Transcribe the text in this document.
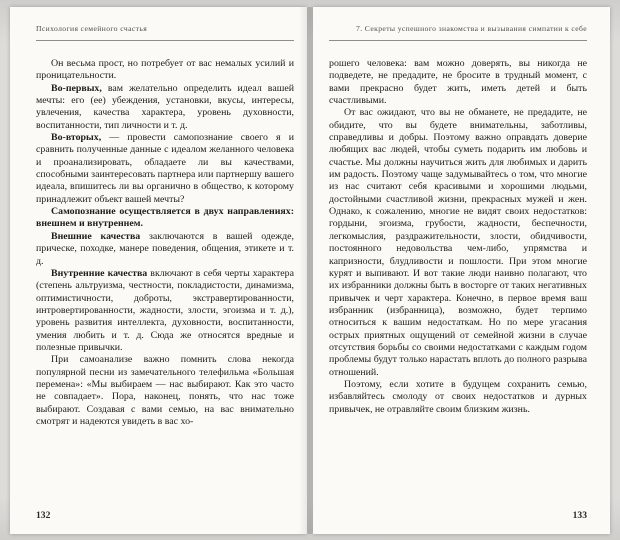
Психология семейного счастья

Он весьма прост, но потребует от вас немалых усилий и проницательности.

Во-первых, вам желательно определить идеал вашей мечты: его (ее) убеждения, установки, вкусы, интересы, увлечения, качества характера, уровень духовности, воспитанности, тип личности и т. д.

Во-вторых, — провести самопознание своего я и сравнить полученные данные с идеалом желанного человека и проанализировать, обладаете ли вы качествами, способными заинтересовать партнера или партнершу вашего идеала, впишитесь ли вы органично в общество, к которому принадлежит объект вашей мечты?

Самопознание осуществляется в двух направлениях: внешнем и внутреннем.

Внешние качества заключаются в вашей одежде, прическе, походке, манере поведения, общения, этикете и т. д.

Внутренние качества включают в себя черты характера (степень альтруизма, честности, покладистости, динамизма, оптимистичности, доброты, экстравертированности, интровертированности, жадности, злости, эгоизма и т. д.), уровень развития интеллекта, духовности, воспитанности, умения любить и т. д. Сюда же относятся вредные и полезные привычки.

При самоанализе важно помнить слова некогда популярной песни из замечательного телефильма «Большая перемена»: «Мы выбираем — нас выбирают. Как это часто не совпадает». Пора, наконец, понять, что нас тоже выбирают. Создавая с вами семью, на вас внимательно смотрят и надеются увидеть в вас хо-

132
7. Секреты успешного знакомства и вызывания симпатии к себе

рошего человека: вам можно доверять, вы никогда не подведете, не предадите, не бросите в трудный момент, с вами прекрасно будет жить, иметь детей и быть счастливыми.

От вас ожидают, что вы не обманете, не предадите, не обидите, что вы будете внимательны, заботливы, справедливы и добры. Поэтому важно оправдать доверие любящих вас людей, чтобы суметь подарить им любовь и счастье. Мы должны научиться жить для любимых и дарить им радость. Поэтому чаще задумывайтесь о том, что многие из нас считают себя красивыми и хорошими людьми, достойными счастливой жизни, прекрасных мужей и жен. Однако, к сожалению, многие не видят своих недостатков: гордыни, эгоизма, грубости, жадности, беспечности, легкомыслия, раздражительности, злости, обидчивости, постоянного недовольства чем-либо, упрямства и капризности, блудливости и пошлости. При этом многие курят и выпивают. И вот такие люди наивно полагают, что их избранники должны быть в восторге от таких негативных привычек и черт характера. Конечно, в первое время ваш избранник (избранница), возможно, будет терпимо относиться к вашим недостаткам. Но по мере угасания острых приятных ощущений от семейной жизни в случае отсутствия борьбы со своими недостатками с каждым годом проблемы будут только нарастать вплоть до полного разрыва отношений.

Поэтому, если хотите в будущем сохранить семью, избавляйтесь смолоду от своих недостатков и дурных привычек, не отравляйте своим близким жизнь.

133
